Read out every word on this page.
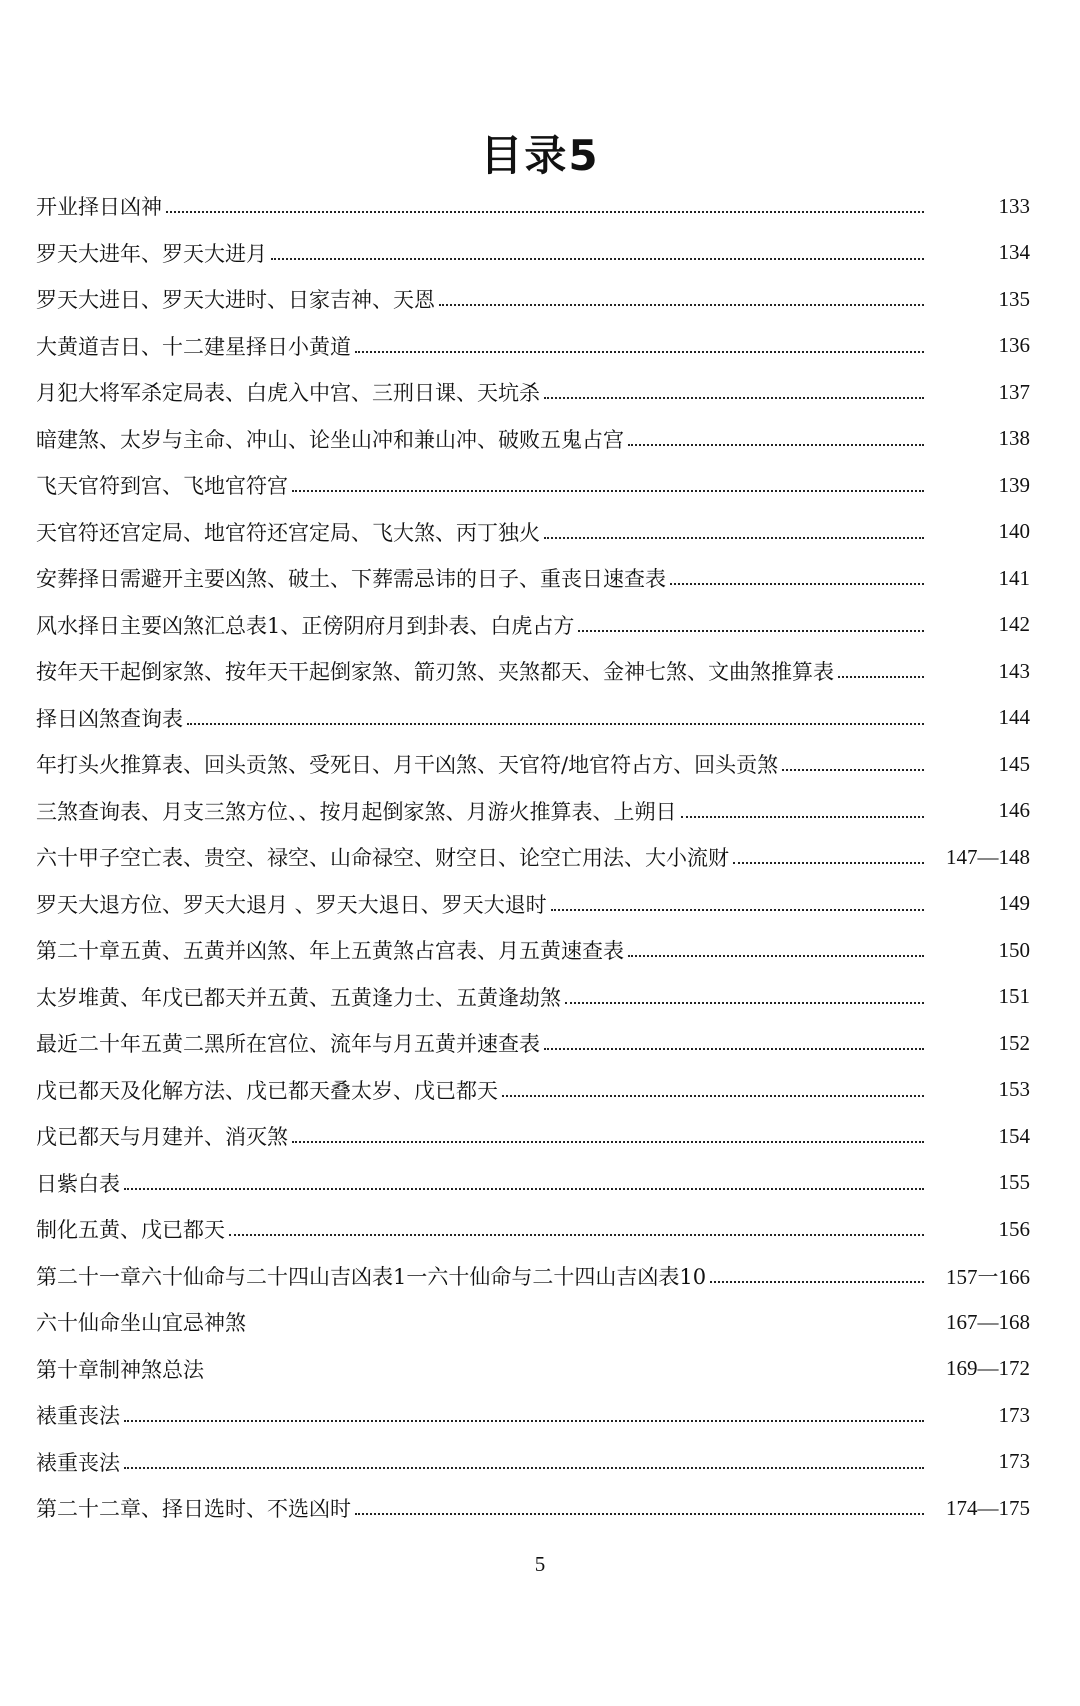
目录5
开业择日凶神	133
罗天大进年、罗天大进月	134
罗天大进日、罗天大进时、日家吉神、天恩	135
大黄道吉日、十二建星择日小黄道	136
月犯大将军杀定局表、白虎入中宫、三刑日课、天坑杀	137
暗建煞、太岁与主命、冲山、论坐山冲和兼山冲、破败五鬼占宫	138
飞天官符到宫、飞地官符宫	139
天官符还宫定局、地官符还宫定局、飞大煞、丙丁独火	140
安葬择日需避开主要凶煞、破土、下葬需忌讳的日子、重丧日速查表	141
风水择日主要凶煞汇总表1、正傍阴府月到卦表、白虎占方	142
按年天干起倒家煞、按年天干起倒家煞、箭刃煞、夹煞都天、金神七煞、文曲煞推算表	143
择日凶煞查询表	144
年打头火推算表、回头贡煞、受死日、月干凶煞、天官符/地官符占方、回头贡煞	145
三煞查询表、月支三煞方位、、按月起倒家煞、月游火推算表、上朔日	146
六十甲子空亡表、贵空、禄空、山命禄空、财空日、论空亡用法、大小流财	147—148
罗天大退方位、罗天大退月 、罗天大退日、罗天大退时	149
第二十章五黄、五黄并凶煞、年上五黄煞占宫表、月五黄速查表	150
太岁堆黄、年戊已都天并五黄、五黄逢力士、五黄逢劫煞	151
最近二十年五黄二黑所在宫位、流年与月五黄并速查表	152
戊已都天及化解方法、戊已都天叠太岁、戊已都天	153
戊已都天与月建并、消灭煞	154
日紫白表	155
制化五黄、戊已都天	156
第二十一章六十仙命与二十四山吉凶表1一六十仙命与二十四山吉凶表10	157一166
六十仙命坐山宜忌神煞	167—168
第十章制神煞总法	169—172
裱重丧法	173
裱重丧法	173
第二十二章、择日选时、不选凶时	174—175
5
